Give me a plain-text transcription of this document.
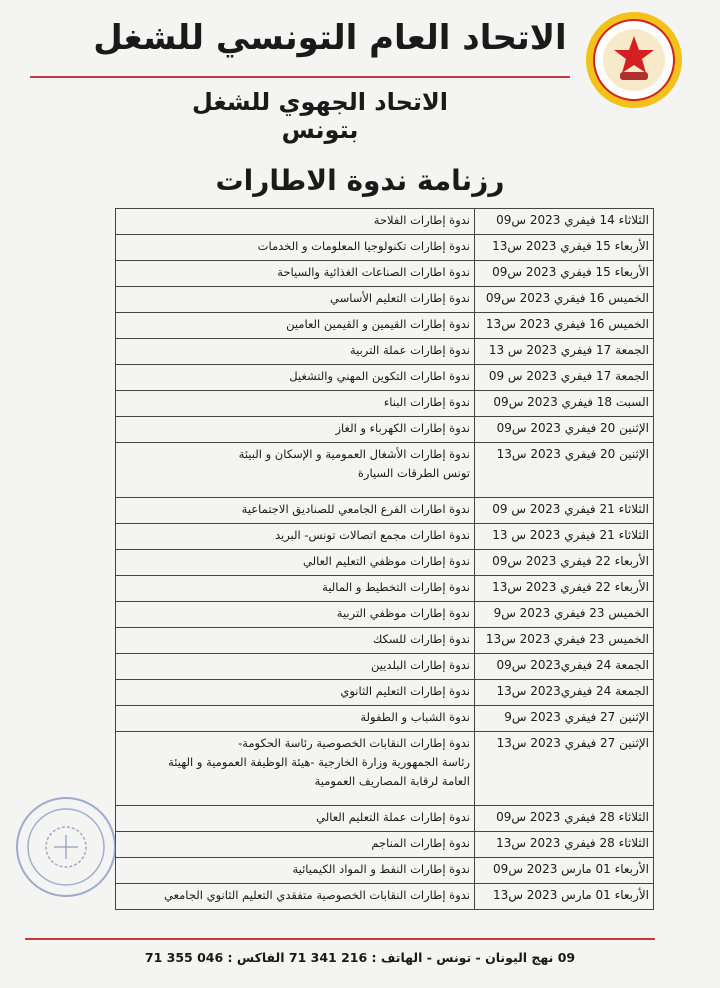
الاتحاد العام التونسي للشغل
الاتحاد الجهوي للشغل بتونس
رزنامة ندوة الاطارات
الثلاثاء 14 فيفري 2023 س09	ندوة إطارات الفلاحة

الأربعاء 15 فيفري 2023 س13	ندوة إطارات تكنولوجيا المعلومات و الخدمات

الأربعاء 15 فيفري 2023 س09	ندوة اطارات الصناعات الغذائية والسياحة

الخميس 16 فيفري 2023 س09	ندوة إطارات التعليم الأساسي

الخميس 16 فيفري 2023 س13	ندوة إطارات القيمين و القيمين العامين

الجمعة 17 فيفري 2023 س 13	ندوة إطارات عملة التربية

الجمعة 17 فيفري 2023 س 09	ندوة اطارات التكوين المهني والتشغيل

السبت 18 فيفري 2023 س09	ندوة إطارات البناء

الإثنين 20 فيفري 2023 س09	ندوة إطارات الكهرباء و الغاز

الإثنين 20 فيفري 2023 س13	ندوة إطارات الأشغال العمومية و الإسكان و البيئة
تونس الطرقات السيارة

الثلاثاء 21 فيفري 2023 س 09	ندوة اطارات الفرع الجامعي للصناديق الاجتماعية

الثلاثاء 21 فيفري 2023 س 13	ندوة اطارات مجمع اتصالات تونس- البريد

الأربعاء 22 فيفري 2023 س09	ندوة إطارات موظفي التعليم العالي

الأربعاء 22 فيفري 2023 س13	ندوة إطارات التخطيط و المالية

الخميس 23 فيفري 2023 س9	ندوة إطارات موظفي التربية

الخميس 23 فيفري 2023 س13	ندوة إطارات للسكك

الجمعة 24 فيفري2023 س09	ندوة إطارات البلديين

الجمعة 24 فيفري2023 س13	ندوة إطارات التعليم الثانوي

الإثنين 27 فيفري 2023 س9	ندوة الشباب و الطفولة

الإثنين 27 فيفري 2023 س13	ندوة إطارات النقابات الخصوصية رئاسة الحكومة-
رئاسة الجمهورية وزارة الخارجية -هيئة الوظيفة العمومية و الهيئة
العامة لرقابة المصاريف العمومية

الثلاثاء 28 فيفري 2023 س09	ندوة إطارات عملة التعليم العالي

الثلاثاء 28 فيفري 2023 س13	ندوة إطارات المناجم

الأربعاء 01 مارس 2023 س09	ندوة إطارات النفط و المواد الكيميائية

الأربعاء 01 مارس 2023 س13	ندوة إطارات النقابات الخصوصية متفقدي التعليم الثانوي الجامعي
09 نهج اليونان - تونس - الهاتف : 216 341 71 الفاكس : 046 355 71
